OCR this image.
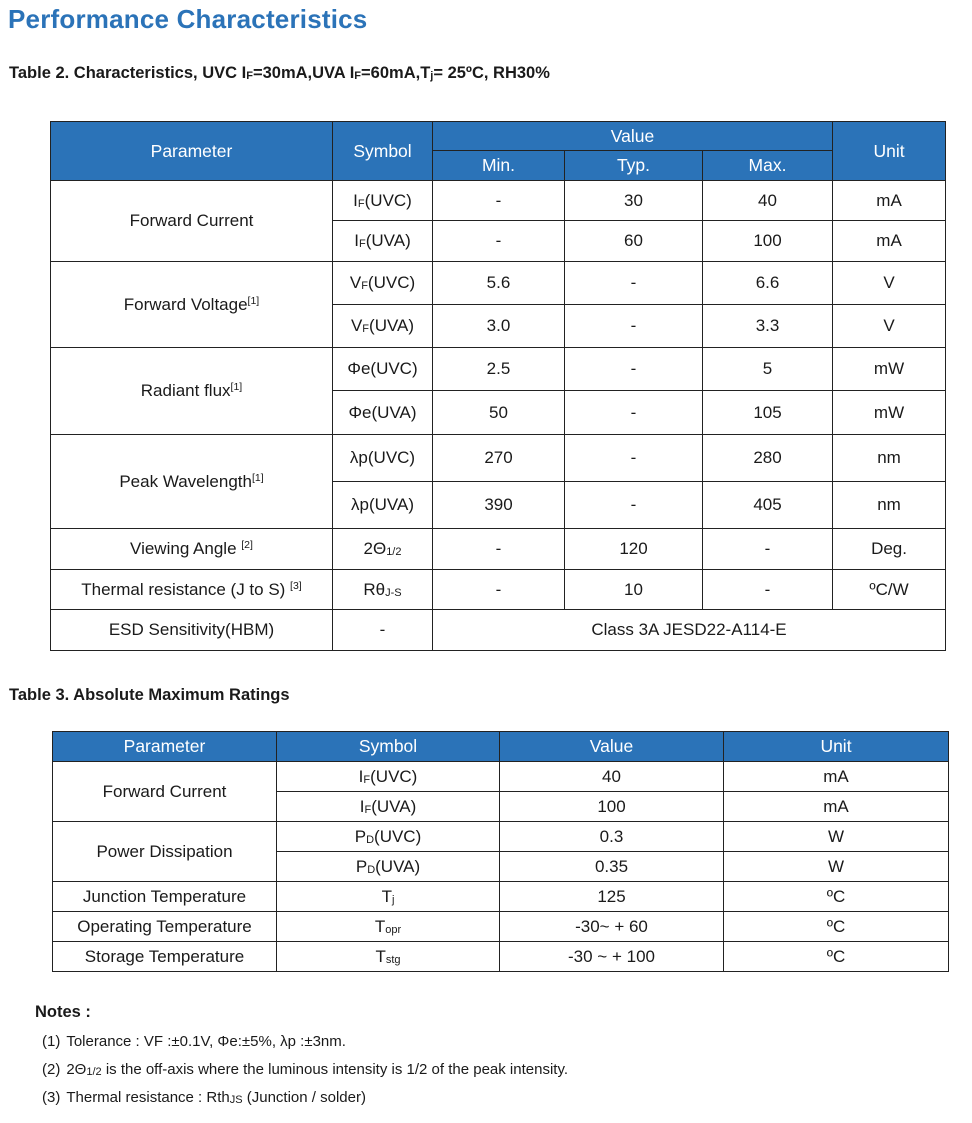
Performance Characteristics
Table 2. Characteristics, UVC $I_F=30mA,UVA$ $I_F=60mA,T_j=$ 25ºC, RH30%
Parameter	Symbol	Value			Unit
		Min.	Typ.	Max.	
Forward Current	$I_F(UVC)$	-	30	40	mA
	$I_F(UVA)$	-	60	100	mA
Forward Voltage[1]	$V_F(UVC)$	5.6	-	6.6	V
	$V_F(UVA)$	3.0	-	3.3	V
Radiant flux[1]	Φe(UVC)	2.5	-	5	mW
	Φe(UVA)	50	-	105	mW
Peak Wavelength[1]	λp(UVC)	270	-	280	nm
	λp(UVA)	390	-	405	nm
Viewing Angle [2]	$2\Theta_{1/2}$	-	120	-	Deg.
Thermal resistance (J to S) [3]	$R\theta_{J-S}$	-	10	-	ºC/W
ESD Sensitivity(HBM)	-	Class 3A JESD22-A114-E			
Table 3. Absolute Maximum Ratings
Parameter	Symbol	Value	Unit
Forward Current	$I_F(UVC)$	40	mA
	$I_F(UVA)$	100	mA
Power Dissipation	$P_D(UVC)$	0.3	W
	$P_D(UVA)$	0.35	W
Junction Temperature	$T_j$	125	ºC
Operating Temperature	$T_{opr}$	-30~ + 60	ºC
Storage Temperature	$T_{stg}$	-30 ~ + 100	ºC
Notes :
(1) Tolerance : VF :±0.1V, Φe:±5%, λp :±3nm.
(2) $2\Theta_{1/2}$ is the off-axis where the luminous intensity is 1/2 of the peak intensity.
(3) Thermal resistance : Rth$_{JS}$ (Junction / solder)
